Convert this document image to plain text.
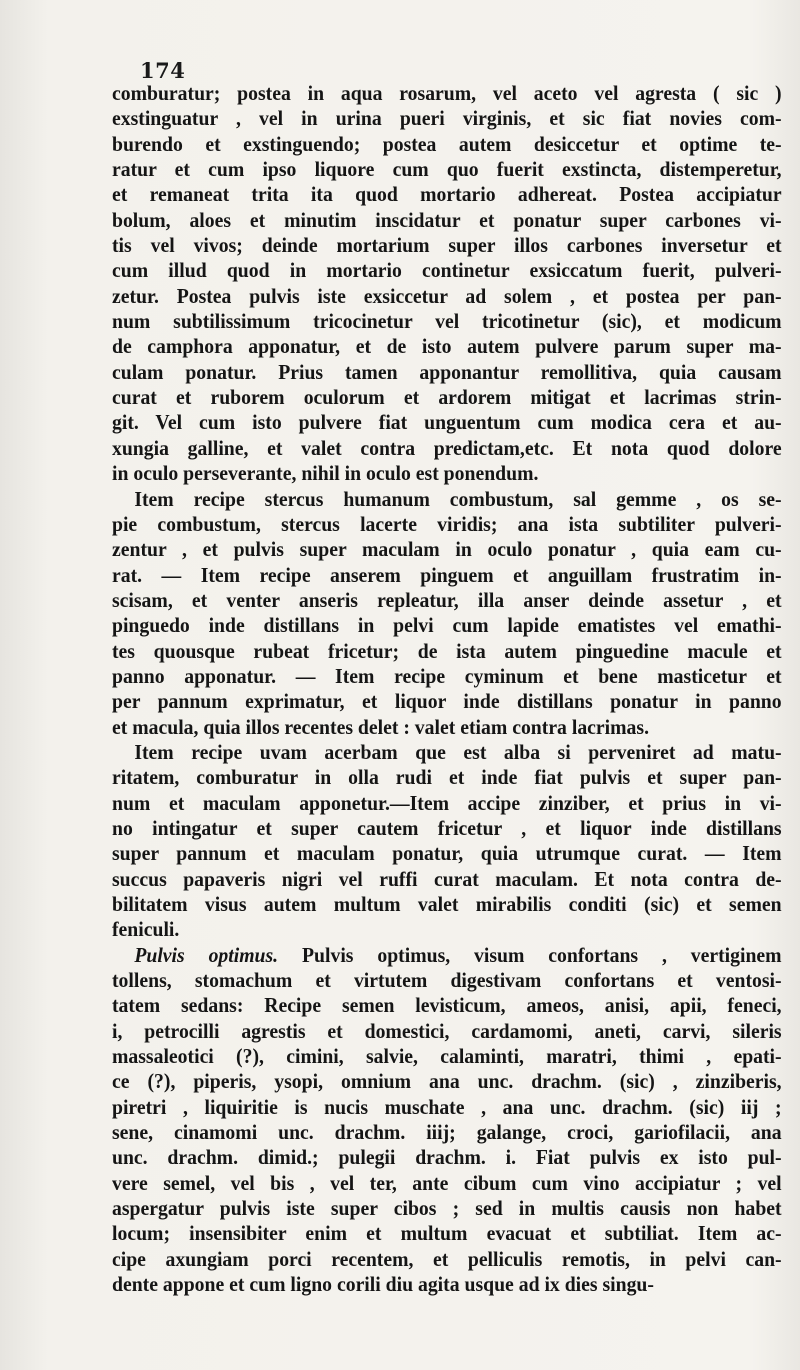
174

comburatur; postea in aqua rosarum, vel aceto vel agresta ( sic )
exstinguatur , vel in urina pueri virginis, et sic fiat novies com-
burendo et exstinguendo; postea autem desiccetur et optime te-
ratur et cum ipso liquore cum quo fuerit exstincta, distemperetur,
et remaneat trita ita quod mortario adhereat. Postea accipiatur
bolum, aloes et minutim inscidatur et ponatur super carbones vi-
tis vel vivos; deinde mortarium super illos carbones inversetur et
cum illud quod in mortario continetur exsiccatum fuerit, pulveri-
zetur. Postea pulvis iste exsiccetur ad solem , et postea per pan-
num subtilissimum tricocinetur vel tricotinetur (sic), et modicum
de camphora apponatur, et de isto autem pulvere parum super ma-
culam ponatur. Prius tamen apponantur remollitiva, quia causam
curat et ruborem oculorum et ardorem mitigat et lacrimas strin-
git. Vel cum isto pulvere fiat unguentum cum modica cera et au-
xungia galline, et valet contra predictam,etc. Et nota quod dolore
in oculo perseverante, nihil in oculo est ponendum.

Item recipe stercus humanum combustum, sal gemme , os se-
pie combustum, stercus lacerte viridis; ana ista subtiliter pulveri-
zentur , et pulvis super maculam in oculo ponatur , quia eam cu-
rat. — Item recipe anserem pinguem et anguillam frustratim in-
scisam, et venter anseris repleatur, illa anser deinde assetur , et
pinguedo inde distillans in pelvi cum lapide ematistes vel emathi-
tes quousque rubeat fricetur; de ista autem pinguedine macule et
panno apponatur. — Item recipe cyminum et bene masticetur et
per pannum exprimatur, et liquor inde distillans ponatur in panno
et macula, quia illos recentes delet : valet etiam contra lacrimas.

Item recipe uvam acerbam que est alba si perveniret ad matu-
ritatem, comburatur in olla rudi et inde fiat pulvis et super pan-
num et maculam apponetur.—Item accipe zinziber, et prius in vi-
no intingatur et super cautem fricetur , et liquor inde distillans
super pannum et maculam ponatur, quia utrumque curat. — Item
succus papaveris nigri vel ruffi curat maculam. Et nota contra de-
bilitatem visus autem multum valet mirabilis conditi (sic) et semen
feniculi.

Pulvis optimus. Pulvis optimus, visum confortans , vertiginem
tollens, stomachum et virtutem digestivam confortans et ventosi-
tatem sedans: Recipe semen levisticum, ameos, anisi, apii, feneci,
i, petrocilli agrestis et domestici, cardamomi, aneti, carvi, sileris
massaleotici (?), cimini, salvie, calaminti, maratri, thimi , epati-
ce (?), piperis, ysopi, omnium ana unc. drachm. (sic) , zinziberis,
piretri , liquiritie is nucis muschate , ana unc. drachm. (sic) iij ;
sene, cinamomi unc. drachm. iiij; galange, croci, gariofilacii, ana
unc. drachm. dimid.; pulegii drachm. i. Fiat pulvis ex isto pul-
vere semel, vel bis , vel ter, ante cibum cum vino accipiatur ; vel
aspergatur pulvis iste super cibos ; sed in multis causis non habet
locum; insensibiter enim et multum evacuat et subtiliat. Item ac-
cipe axungiam porci recentem, et pelliculis remotis, in pelvi can-
dente appone et cum ligno corili diu agita usque ad ix dies singu-
